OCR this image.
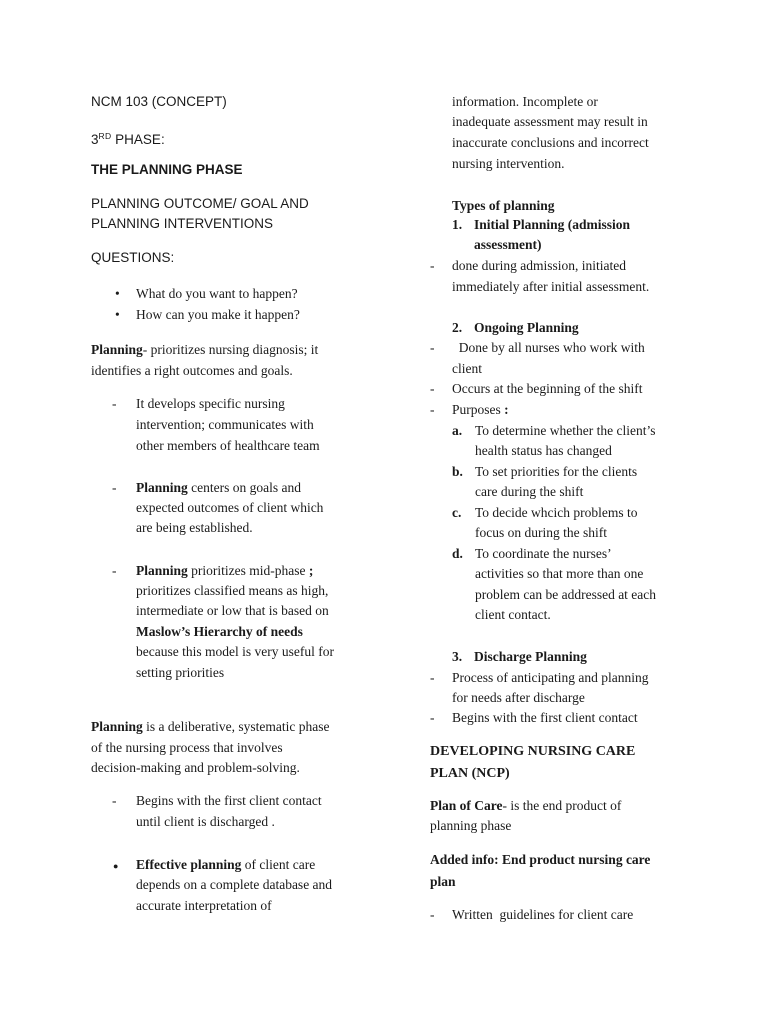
NCM 103 (CONCEPT)
3RD PHASE:
THE PLANNING PHASE
PLANNING OUTCOME/ GOAL AND
PLANNING INTERVENTIONS
QUESTIONS:
•
What do you want to happen?
•
How can you make it happen?
Planning- prioritizes nursing diagnosis; it
identifies a right outcomes and goals.
- It develops specific nursing
intervention; communicates with
other members of healthcare team
- Planning centers on goals and
expected outcomes of client which
are being established.
- Planning prioritizes mid-phase ;
prioritizes classified means as high,
intermediate or low that is based on
Maslow’s Hierarchy of needs
because this model is very useful for
setting priorities
Planning is a deliberative, systematic phase
of the nursing process that involves
decision-making and problem-solving.
- Begins with the first client contact
until client is discharged .
●
Effective planning of client care
depends on a complete database and
accurate interpretation of
information. Incomplete or
inadequate assessment may result in
inaccurate conclusions and incorrect
nursing intervention.
Types of planning
1. Initial Planning (admission
assessment)
- done during admission, initiated
immediately after initial assessment.
2. Ongoing Planning
- Done by all nurses who work with
client
- Occurs at the beginning of the shift
- Purposes :
a. To determine whether the client’s
health status has changed
b. To set priorities for the clients
care during the shift
c. To decide whcich problems to
focus on during the shift
d. To coordinate the nurses’
activities so that more than one
problem can be addressed at each
client contact.
3. Discharge Planning
- Process of anticipating and planning
for needs after discharge
- Begins with the first client contact
DEVELOPING NURSING CARE
PLAN (NCP)
Plan of Care- is the end product of
planning phase
Added info: End product nursing care
plan
- Written  guidelines for client care
